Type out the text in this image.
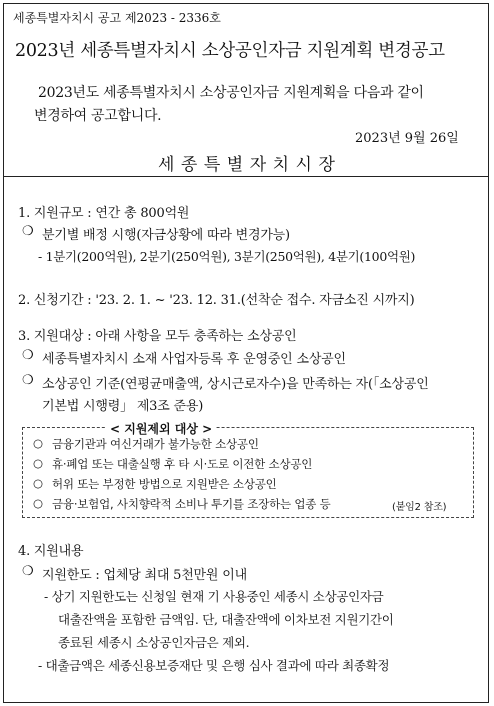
세종특별자치시 공고 제2023 - 2336호
2023년 세종특별자치시 소상공인자금 지원계획 변경공고
2023년도 세종특별자치시 소상공인자금 지원계획을 다음과 같이
변경하여 공고합니다.
2023년 9월 26일
세종특별자치시장
1. 지원규모 : 연간 총 800억원
❍ 분기별 배정 시행(자금상황에 따라 변경가능)
- 1분기(200억원), 2분기(250억원), 3분기(250억원), 4분기(100억원)
2. 신청기간 : '23. 2. 1. ~ '23. 12. 31.(선착순 접수. 자금소진 시까지)
3. 지원대상 : 아래 사항을 모두 충족하는 소상공인
❍ 세종특별자치시 소재 사업자등록 후 운영중인 소상공인
❍ 소상공인 기준(연평균매출액, 상시근로자수)을 만족하는 자(「소상공인
기본법 시행령」 제3조 준용)
< 지원제외 대상 >
○ 금융기관과 여신거래가 불가능한 소상공인
○ 휴·폐업 또는 대출실행 후 타 시·도로 이전한 소상공인
○ 허위 또는 부정한 방법으로 지원받은 소상공인
○ 금융·보험업, 사치향락적 소비나 투기를 조장하는 업종 등	(붙임2 참조)
4. 지원내용
❍ 지원한도 : 업체당 최대 5천만원 이내
- 상기 지원한도는 신청일 현재 기 사용중인 세종시 소상공인자금
대출잔액을 포함한 금액임. 단, 대출잔액에 이차보전 지원기간이
종료된 세종시 소상공인자금은 제외.
- 대출금액은 세종신용보증재단 및 은행 심사 결과에 따라 최종확정
